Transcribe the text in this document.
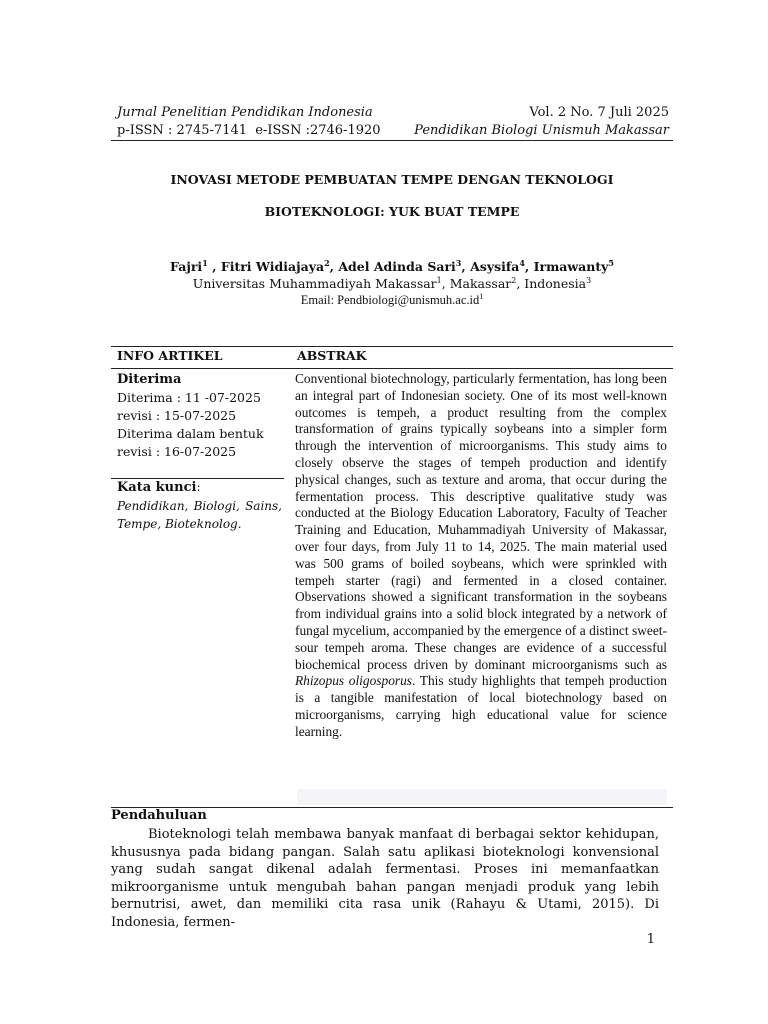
Jurnal Penelitian Pendidikan Indonesia
p-ISSN : 2745-7141  e-ISSN :2746-1920
Vol. 2 No. 7 Juli 2025
Pendidikan Biologi Unismuh Makassar
INOVASI METODE PEMBUATAN TEMPE DENGAN TEKNOLOGI
BIOTEKNOLOGI: YUK BUAT TEMPE
Fajri$^1$ , Fitri Widiajaya$^2$, Adel Adinda Sari$^3$, Asysifa$^4$, Irmawanty$^5$
Universitas Muhammadiyah Makassar$^1$, Makassar$^2$, Indonesia$^3$
Email: $Pendbiologi@unismuh.ac.id^1$
INFO ARTIKEL	ABSTRAK
Diterima
Diterima : 11 -07-2025
revisi : 15-07-2025
Diterima dalam bentuk
revisi : 16-07-2025
Kata kunci:
Pendidikan, Biologi, Sains, Tempe, Bioteknolog.

Conventional biotechnology, particularly fermentation, has long been an integral part of Indonesian society. One of its most well-known outcomes is tempeh, a product resulting from the complex transformation of grains typically soybeans into a simpler form through the intervention of microorganisms. This study aims to closely observe the stages of tempeh production and identify physical changes, such as texture and aroma, that occur during the fermentation process. This descriptive qualitative study was conducted at the Biology Education Laboratory, Faculty of Teacher Training and Education, Muhammadiyah University of Makassar, over four days, from July 11 to 14, 2025. The main material used was 500 grams of boiled soybeans, which were sprinkled with tempeh starter (ragi) and fermented in a closed container. Observations showed a significant transformation in the soybeans from individual grains into a solid block integrated by a network of fungal mycelium, accompanied by the emergence of a distinct sweet-sour tempeh aroma. These changes are evidence of a successful biochemical process driven by dominant microorganisms such as Rhizopus oligosporus. This study highlights that tempeh production is a tangible manifestation of local biotechnology based on microorganisms, carrying high educational value for science learning.

Pendahuluan

Bioteknologi telah membawa banyak manfaat di berbagai sektor kehidupan, khususnya pada bidang pangan. Salah satu aplikasi bioteknologi konvensional yang sudah sangat dikenal adalah fermentasi. Proses ini memanfaatkan mikroorganisme untuk mengubah bahan pangan menjadi produk yang lebih bernutrisi, awet, dan memiliki cita rasa unik (Rahayu & Utami, 2015). Di Indonesia, fermen-

1
